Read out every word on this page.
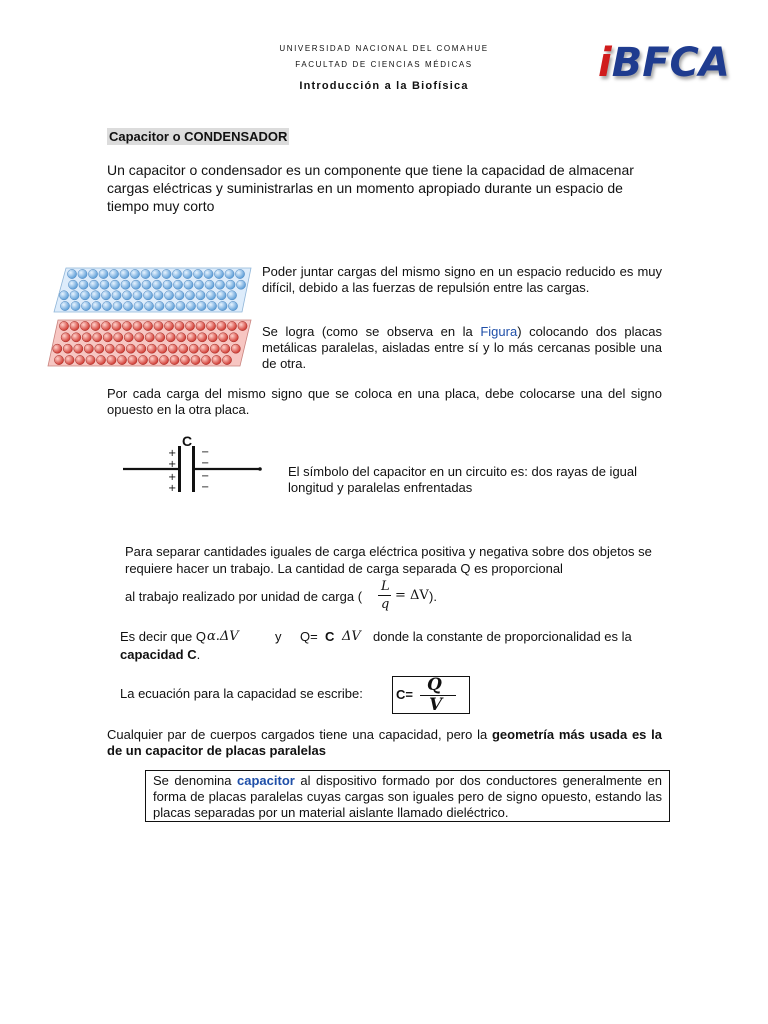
UNIVERSIDAD NACIONAL DEL COMAHUE
FACULTAD DE CIENCIAS MÉDICAS
Introducción a la Biofísica	iBFCA
Capacitor o CONDENSADOR
Un capacitor o condensador es un componente que tiene la capacidad de almacenar cargas eléctricas y suministrarlas en un momento apropiado durante un espacio de tiempo muy corto
Poder juntar cargas del mismo signo en un espacio reducido es muy difícil, debido a las fuerzas de repulsión entre las cargas.
Se logra (como se observa en la Figura) colocando dos placas metálicas paralelas, aisladas entre sí y lo más cercanas posible una de otra.
Por cada carga del mismo signo que se coloca en una placa, debe colocarse una del signo opuesto en la otra placa.
C
+
+
+
+
−
−
−
−
El símbolo del capacitor en un circuito es: dos rayas de igual longitud y paralelas enfrentadas
Para separar cantidades iguales de carga eléctrica positiva y negativa sobre dos objetos se requiere hacer un trabajo. La cantidad de carga separada Q es proporcional
al trabajo realizado por unidad de carga (
L
q
= ΔV ).
Es decir que Q α.ΔV	y Q= C ΔV donde la constante de proporcionalidad es la
capacidad C.
La ecuación para la capacidad se escribe:	C= Q
V
Cualquier par de cuerpos cargados tiene una capacidad, pero la geometría más usada es la de un capacitor de placas paralelas
Se denomina capacitor al dispositivo formado por dos conductores generalmente en forma de placas paralelas cuyas cargas son iguales pero de signo opuesto, estando las placas separadas por un material aislante llamado dieléctrico.
